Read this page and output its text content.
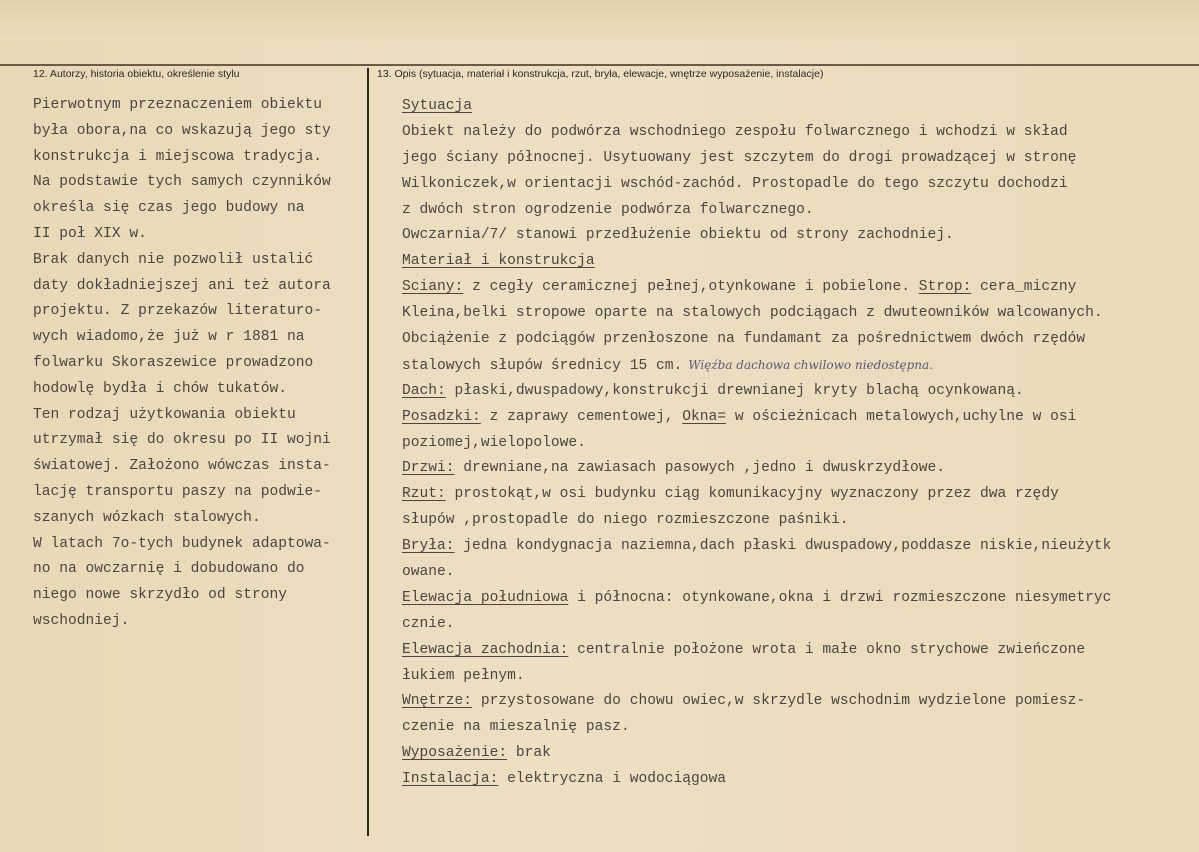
12. Autorzy, historia obiektu, określenie stylu	13. Opis (sytuacja, materiał i konstrukcja, rzut, bryła, elewacje, wnętrze wyposażenie, instalacje)
Pierwotnym przeznaczeniem obiektu
była obora,na co wskazują jego sty
konstrukcja i miejscowa tradycja.
Na podstawie tych samych czynników
określa się czas jego budowy na
II poł XIX w.
Brak danych nie pozwolił ustalić
daty dokładniejszej ani też autora
projektu. Z przekazów literaturo-
wych wiadomo,że już w r 1881 na
folwarku Skoraszewice prowadzono
hodowlę bydła i chów tukatów.
Ten rodzaj użytkowania obiektu
utrzymał się do okresu po II wojni
światowej. Założono wówczas insta-
lację transportu paszy na podwie-
szanych wózkach stalowych.
W latach 7o-tych budynek adaptowa-
no na owczarnię i dobudowano do
niego nowe skrzydło od strony
wschodniej.
Sytuacja
Obiekt należy do podwórza wschodniego zespołu folwarcznego i wchodzi w skład
jego ściany północnej. Usytuowany jest szczytem do drogi prowadzącej w stronę
Wilkoniczek,w orientacji wschód-zachód. Prostopadle do tego szczytu dochodzi
z dwóch stron ogrodzenie podwórza folwarcznego.
Owczarnia/7/ stanowi przedłużenie obiektu od strony zachodniej.
Materiał i konstrukcja
Sciany: z cegły ceramicznej pełnej,otynkowane i pobielone. Strop: cera_miczny
Kleina,belki stropowe oparte na stalowych podciągach z dwuteowników walcowanych.
Obciążenie z podciągów przenłoszone na fundamant za pośrednictwem dwóch rzędów
stalowych słupów średnicy 15 cm. Więźba dachowa chwilowo niedostępna.
Dach: płaski,dwuspadowy,konstrukcji drewnianej kryty blachą ocynkowaną.
Posadzki: z zaprawy cementowej, Okna= w ościeżnicach metalowych,uchylne w osi
poziomej,wielopolowe.
Drzwi: drewniane,na zawiasach pasowych ,jedno i dwuskrzydłowe.
Rzut: prostokąt,w osi budynku ciąg komunikacyjny wyznaczony przez dwa rzędy
słupów ,prostopadle do niego rozmieszczone paśniki.
Bryła: jedna kondygnacja naziemna,dach płaski dwuspadowy,poddasze niskie,nieużytk
owane.
Elewacja południowa i północna: otynkowane,okna i drzwi rozmieszczone niesymetryc
cznie.
Elewacja zachodnia: centralnie położone wrota i małe okno strychowe zwieńczone
łukiem pełnym.
Wnętrze: przystosowane do chowu owiec,w skrzydle wschodnim wydzielone pomiesz-
czenie na mieszalnię pasz.
Wyposażenie: brak
Instalacja: elektryczna i wodociągowa
